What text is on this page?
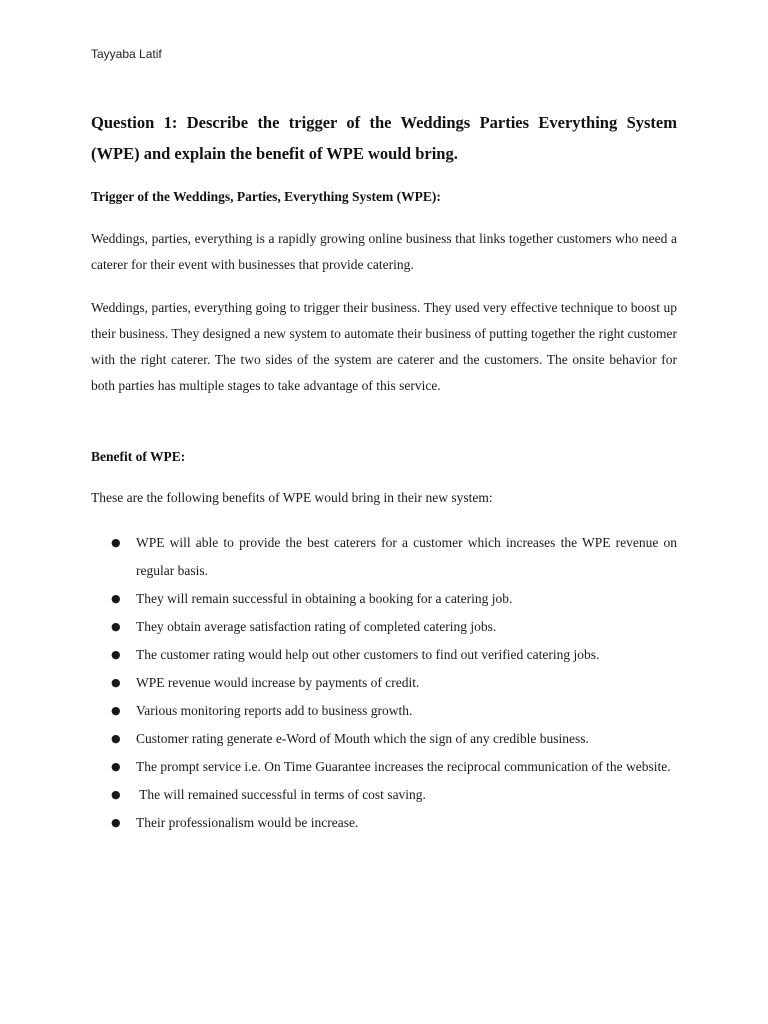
Tayyaba Latif
Question 1: Describe the trigger of the Weddings Parties Everything System (WPE) and explain the benefit of WPE would bring.
Trigger of the Weddings, Parties, Everything System (WPE):
Weddings, parties, everything is a rapidly growing online business that links together customers who need a caterer for their event with businesses that provide catering.
Weddings, parties, everything going to trigger their business. They used very effective technique to boost up their business. They designed a new system to automate their business of putting together the right customer with the right caterer. The two sides of the system are caterer and the customers. The onsite behavior for both parties has multiple stages to take advantage of this service.
Benefit of WPE:
These are the following benefits of WPE would bring in their new system:
● WPE will able to provide the best caterers for a customer which increases the WPE revenue on regular basis.
● They will remain successful in obtaining a booking for a catering job.
● They obtain average satisfaction rating of completed catering jobs.
● The customer rating would help out other customers to find out verified catering jobs.
● WPE revenue would increase by payments of credit.
● Various monitoring reports add to business growth.
● Customer rating generate e-Word of Mouth which the sign of any credible business.
● The prompt service i.e. On Time Guarantee increases the reciprocal communication of the website.
● The will remained successful in terms of cost saving.
● Their professionalism would be increase.
